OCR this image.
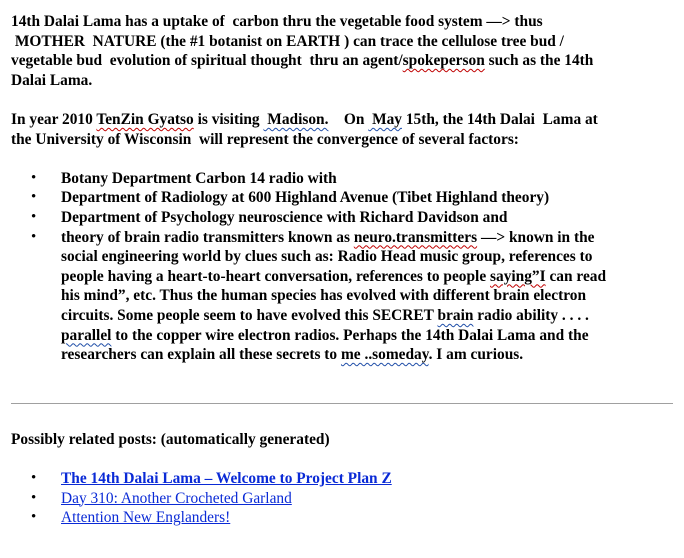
14th Dalai Lama has a uptake of  carbon thru the vegetable food system —> thus
MOTHER  NATURE (the #1 botanist on EARTH ) can trace the cellulose tree bud /
vegetable bud  evolution of spiritual thought  thru an agent/spokeperson such as the 14th
Dalai Lama.

In year 2010 TenZin Gyatso is visiting  Madison.    On  May 15th, the 14th Dalai  Lama at
the University of Wisconsin  will represent the convergence of several factors:

• Botany Department Carbon 14 radio with
• Department of Radiology at 600 Highland Avenue (Tibet Highland theory)
• Department of Psychology neuroscience with Richard Davidson and
• theory of brain radio transmitters known as neuro.transmitters —> known in the
social engineering world by clues such as: Radio Head music group, references to
people having a heart-to-heart conversation, references to people saying”I can read
his mind”, etc. Thus the human species has evolved with different brain electron
circuits. Some people seem to have evolved this SECRET brain radio ability . . . .
parallel to the copper wire electron radios. Perhaps the 14th Dalai Lama and the
researchers can explain all these secrets to me ..someday. I am curious.
Possibly related posts: (automatically generated)
• The 14th Dalai Lama – Welcome to Project Plan Z
• Day 310: Another Crocheted Garland
• Attention New Englanders!
